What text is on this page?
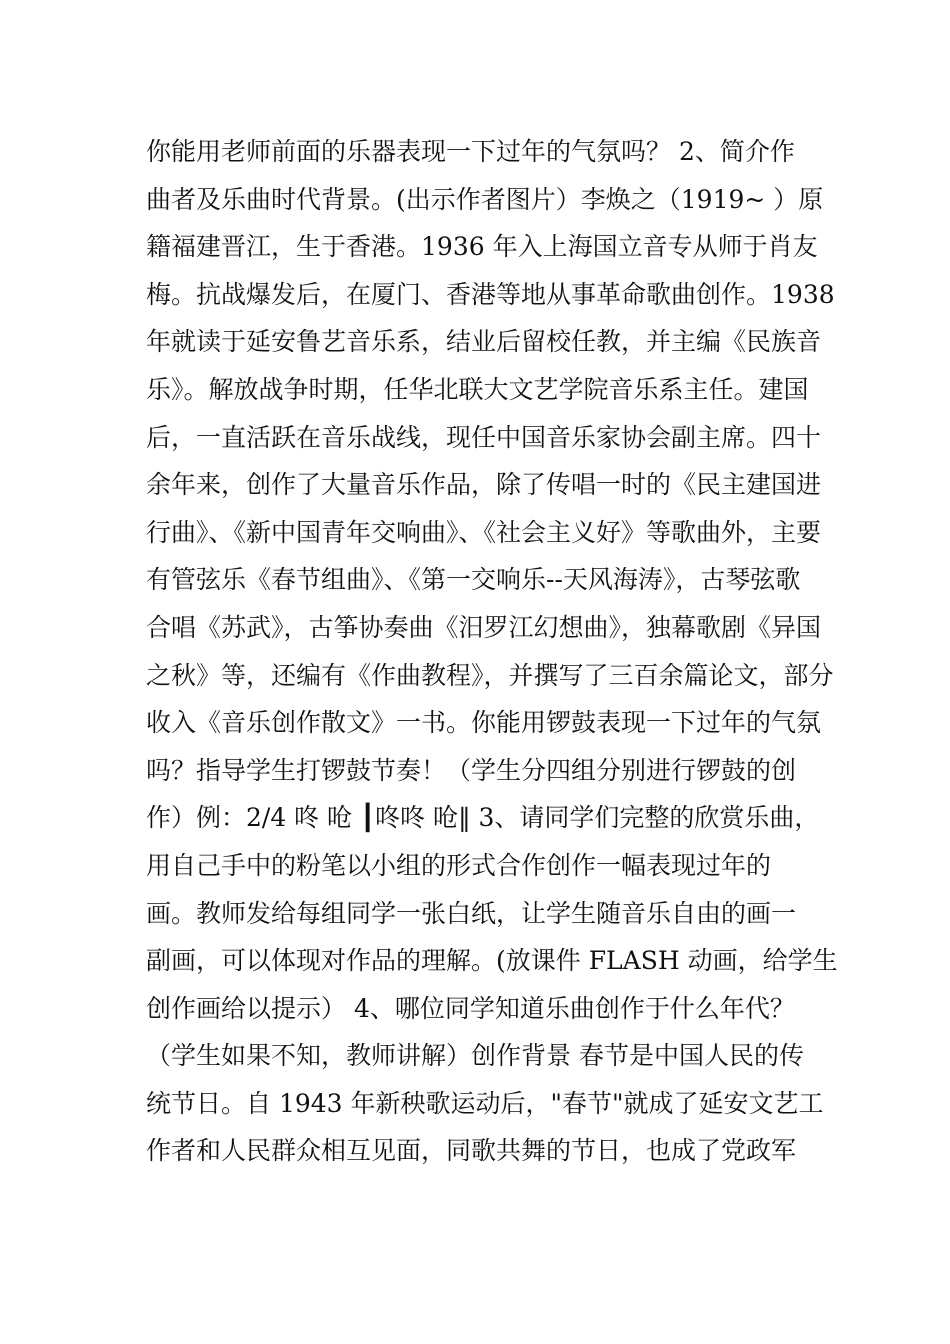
你能用老师前面的乐器表现一下过年的气氛吗？ 2、简介作
曲者及乐曲时代背景。(出示作者图片）李焕之（1919~ ）原
籍福建晋江，生于香港。1936 年入上海国立音专从师于肖友
梅。抗战爆发后，在厦门、香港等地从事革命歌曲创作。1938
年就读于延安鲁艺音乐系，结业后留校任教，并主编《民族音
乐》。解放战争时期，任华北联大文艺学院音乐系主任。建国
后，一直活跃在音乐战线，现任中国音乐家协会副主席。四十
余年来，创作了大量音乐作品，除了传唱一时的《民主建国进
行曲》、《新中国青年交响曲》、《社会主义好》等歌曲外，主要
有管弦乐《春节组曲》、《第一交响乐--天风海涛》，古琴弦歌
合唱《苏武》，古筝协奏曲《汨罗江幻想曲》，独幕歌剧《异国
之秋》等，还编有《作曲教程》，并撰写了三百余篇论文，部分
收入《音乐创作散文》一书。你能用锣鼓表现一下过年的气氛
吗？指导学生打锣鼓节奏！（学生分四组分别进行锣鼓的创
作）例：2/4 咚 呛 ┃咚咚 呛‖ 3、请同学们完整的欣赏乐曲，
用自己手中的粉笔以小组的形式合作创作一幅表现过年的
画。教师发给每组同学一张白纸，让学生随音乐自由的画一
副画，可以体现对作品的理解。(放课件 FLASH 动画，给学生
创作画给以提示） 4、哪位同学知道乐曲创作于什么年代？
（学生如果不知，教师讲解）创作背景 春节是中国人民的传
统节日。自 1943 年新秧歌运动后，"春节"就成了延安文艺工
作者和人民群众相互见面，同歌共舞的节日，也成了党政军
